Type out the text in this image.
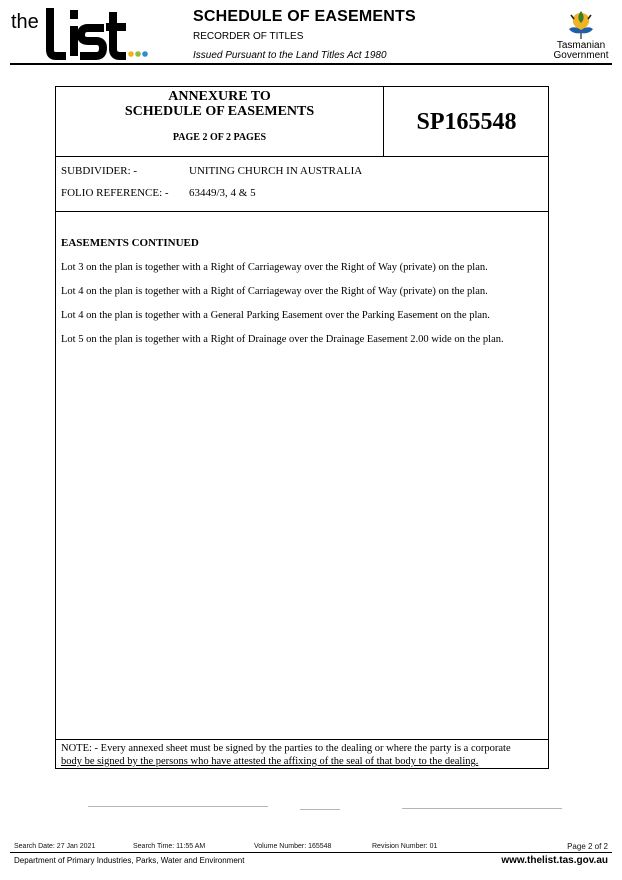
the	SCHEDULE OF EASEMENTS
RECORDER OF TITLES
Issued Pursuant to the Land Titles Act 1980
Tasmanian
Government
ANNEXURE TO
SCHEDULE OF EASEMENTS
PAGE 2 OF 2 PAGES
SP165548
SUBDIVIDER: -	UNITING CHURCH IN AUSTRALIA
FOLIO REFERENCE: - 63449/3, 4 & 5
EASEMENTS CONTINUED
Lot 3 on the plan is together with a Right of Carriageway over the Right of Way (private) on the plan.
Lot 4 on the plan is together with a Right of Carriageway over the Right of Way (private) on the plan.
Lot 4 on the plan is together with a General Parking Easement over the Parking Easement on the plan.
Lot 5 on the plan is together with a Right of Drainage over the Drainage Easement 2.00 wide on the plan.
NOTE: - Every annexed sheet must be signed by the parties to the dealing or where the party is a corporate
body be signed by the persons who have attested the affixing of the seal of that body to the dealing.
Search Date: 27 Jan 2021	Search Time: 11:55 AM	Volume Number: 165548	Revision Number: 01	Page 2 of 2
Department of Primary Industries, Parks, Water and Environment	www.thelist.tas.gov.au
